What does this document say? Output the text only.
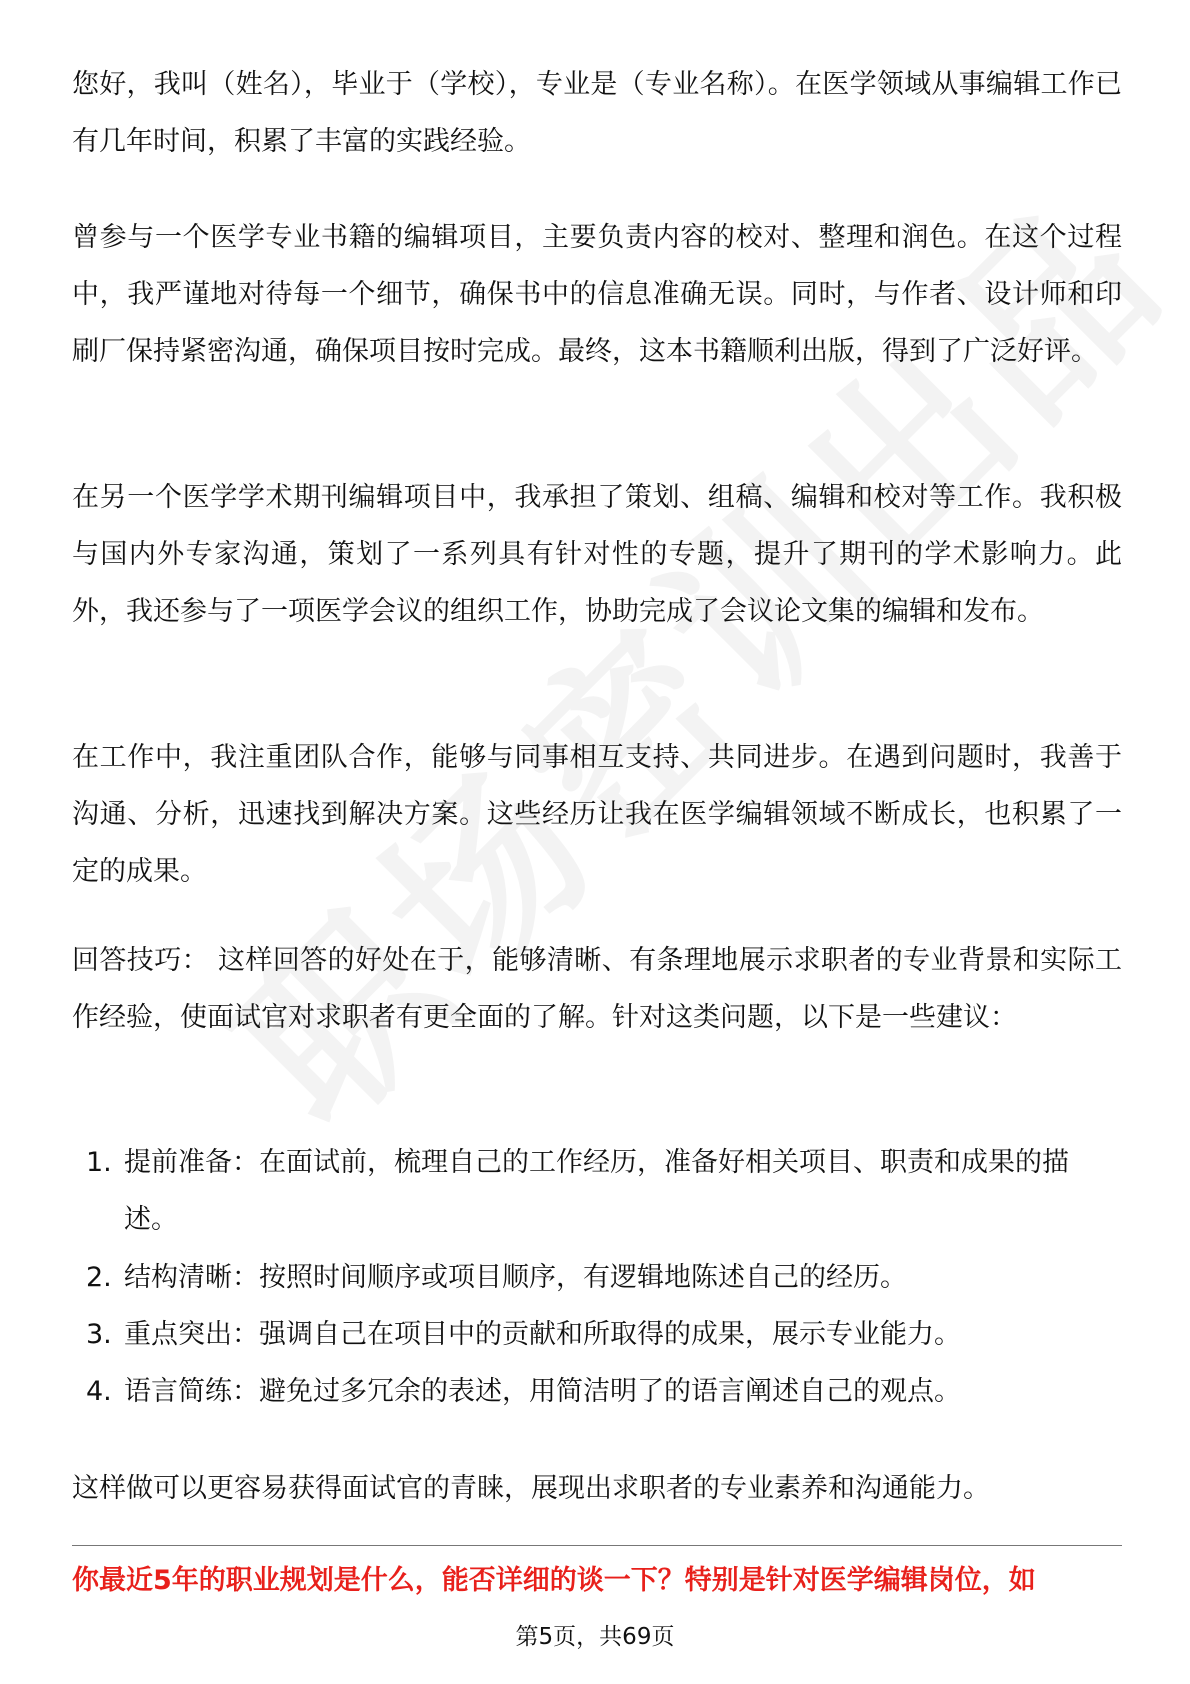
您好，我叫（姓名），毕业于（学校），专业是（专业名称）。在医学领域从事编辑工作已有几年时间，积累了丰富的实践经验。

曾参与一个医学专业书籍的编辑项目，主要负责内容的校对、整理和润色。在这个过程中，我严谨地对待每一个细节，确保书中的信息准确无误。同时，与作者、设计师和印刷厂保持紧密沟通，确保项目按时完成。最终，这本书籍顺利出版，得到了广泛好评。

在另一个医学学术期刊编辑项目中，我承担了策划、组稿、编辑和校对等工作。我积极与国内外专家沟通，策划了一系列具有针对性的专题，提升了期刊的学术影响力。此外，我还参与了一项医学会议的组织工作，协助完成了会议论文集的编辑和发布。

在工作中，我注重团队合作，能够与同事相互支持、共同进步。在遇到问题时，我善于沟通、分析，迅速找到解决方案。这些经历让我在医学编辑领域不断成长，也积累了一定的成果。

回答技巧： 这样回答的好处在于，能够清晰、有条理地展示求职者的专业背景和实际工作经验，使面试官对求职者有更全面的了解。针对这类问题，以下是一些建议：

1. 提前准备：在面试前，梳理自己的工作经历，准备好相关项目、职责和成果的描述。
2. 结构清晰：按照时间顺序或项目顺序，有逻辑地陈述自己的经历。
3. 重点突出：强调自己在项目中的贡献和所取得的成果，展示专业能力。
4. 语言简练：避免过多冗余的表述，用简洁明了的语言阐述自己的观点。

这样做可以更容易获得面试官的青睐，展现出求职者的专业素养和沟通能力。

你最近5年的职业规划是什么，能否详细的谈一下？特别是针对医学编辑岗位，如
第5页，共69页
